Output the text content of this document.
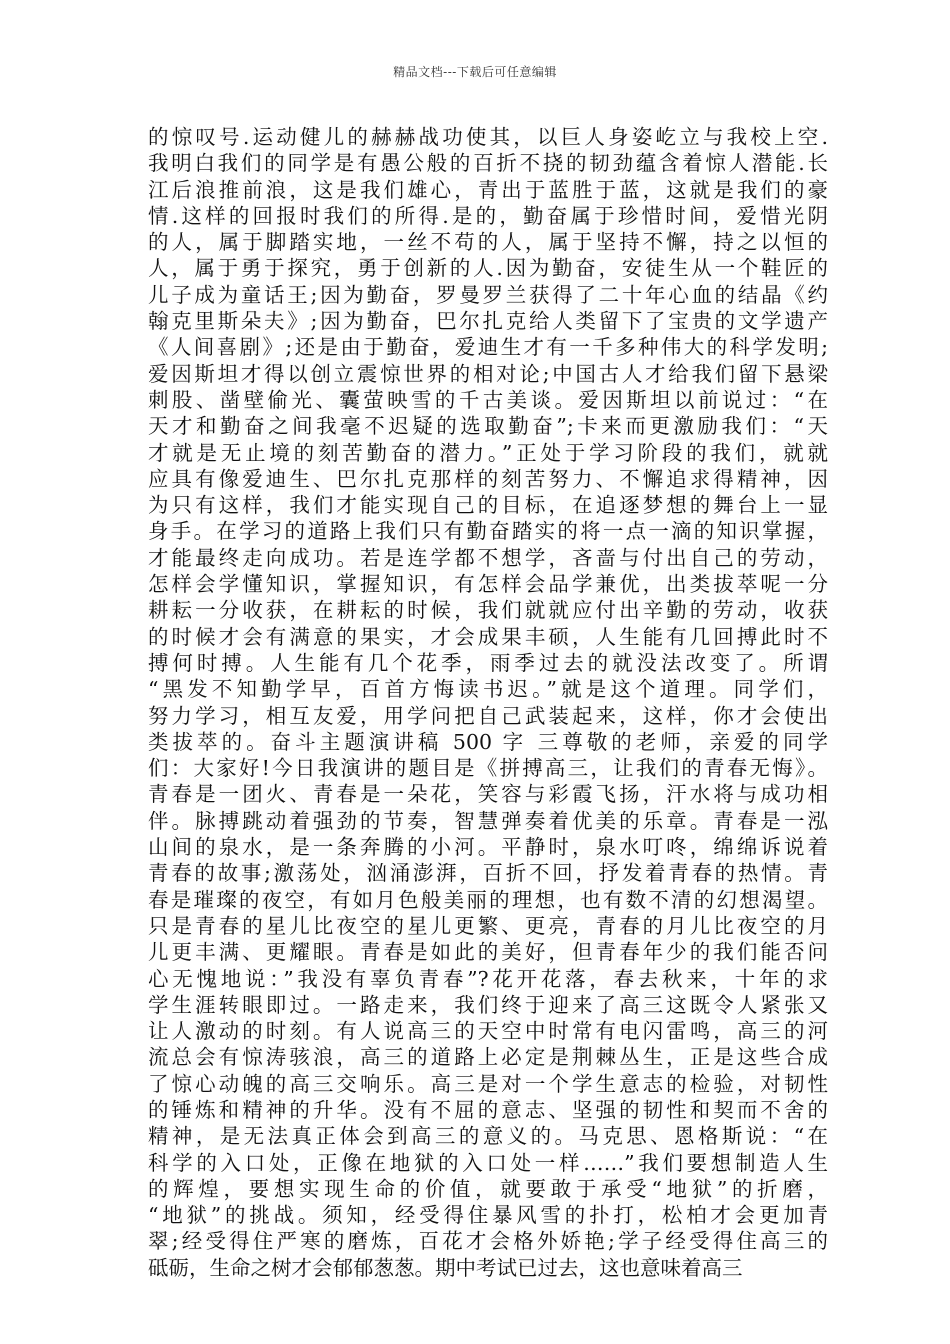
精品文档---下载后可任意编辑
的惊叹号.运动健儿的赫赫战功使其，以巨人身姿屹立与我校上空.
我明白我们的同学是有愚公般的百折不挠的韧劲蕴含着惊人潜能.长
江后浪推前浪，这是我们雄心，青出于蓝胜于蓝，这就是我们的豪
情.这样的回报时我们的所得.是的，勤奋属于珍惜时间，爱惜光阴
的人，属于脚踏实地，一丝不苟的人，属于坚持不懈，持之以恒的
人，属于勇于探究，勇于创新的人.因为勤奋，安徒生从一个鞋匠的
儿子成为童话王;因为勤奋，罗曼罗兰获得了二十年心血的结晶《约
翰克里斯朵夫》;因为勤奋，巴尔扎克给人类留下了宝贵的文学遗产
《人间喜剧》;还是由于勤奋，爱迪生才有一千多种伟大的科学发明;
爱因斯坦才得以创立震惊世界的相对论;中国古人才给我们留下悬梁
刺股、凿壁偷光、囊萤映雪的千古美谈。爱因斯坦以前说过：“在
天才和勤奋之间我毫不迟疑的选取勤奋”;卡来而更激励我们：“天
才就是无止境的刻苦勤奋的潜力。”正处于学习阶段的我们，就就
应具有像爱迪生、巴尔扎克那样的刻苦努力、不懈追求得精神，因
为只有这样，我们才能实现自己的目标，在追逐梦想的舞台上一显
身手。在学习的道路上我们只有勤奋踏实的将一点一滴的知识掌握，
才能最终走向成功。若是连学都不想学，吝啬与付出自己的劳动，
怎样会学懂知识，掌握知识，有怎样会品学兼优，出类拔萃呢一分
耕耘一分收获，在耕耘的时候，我们就就应付出辛勤的劳动，收获
的时候才会有满意的果实，才会成果丰硕，人生能有几回搏此时不
搏何时搏。人生能有几个花季，雨季过去的就没法改变了。所谓
“黑发不知勤学早，百首方悔读书迟。”就是这个道理。同学们，
努力学习，相互友爱，用学问把自己武装起来，这样，你才会使出
类拔萃的。奋斗主题演讲稿 500 字 三尊敬的老师，亲爱的同学
们：大家好!今日我演讲的题目是《拼搏高三，让我们的青春无悔》。
青春是一团火、青春是一朵花，笑容与彩霞飞扬，汗水将与成功相
伴。脉搏跳动着强劲的节奏，智慧弹奏着优美的乐章。青春是一泓
山间的泉水，是一条奔腾的小河。平静时，泉水叮咚，绵绵诉说着
青春的故事;激荡处，汹涌澎湃，百折不回，抒发着青春的热情。青
春是璀璨的夜空，有如月色般美丽的理想，也有数不清的幻想渴望。
只是青春的星儿比夜空的星儿更繁、更亮，青春的月儿比夜空的月
儿更丰满、更耀眼。青春是如此的美好，但青春年少的我们能否问
心无愧地说：”我没有辜负青春”?花开花落，春去秋来，十年的求
学生涯转眼即过。一路走来，我们终于迎来了高三这既令人紧张又
让人激动的时刻。有人说高三的天空中时常有电闪雷鸣，高三的河
流总会有惊涛骇浪，高三的道路上必定是荆棘丛生，正是这些合成
了惊心动魄的高三交响乐。高三是对一个学生意志的检验，对韧性
的锤炼和精神的升华。没有不屈的意志、坚强的韧性和契而不舍的
精神，是无法真正体会到高三的意义的。马克思、恩格斯说：“在
科学的入口处，正像在地狱的入口处一样……”我们要想制造人生
的辉煌，要想实现生命的价值，就要敢于承受“地狱”的折磨，
“地狱”的挑战。须知，经受得住暴风雪的扑打，松柏才会更加青
翠;经受得住严寒的磨炼，百花才会格外娇艳;学子经受得住高三的
砥砺，生命之树才会郁郁葱葱。期中考试已过去，这也意味着高三
